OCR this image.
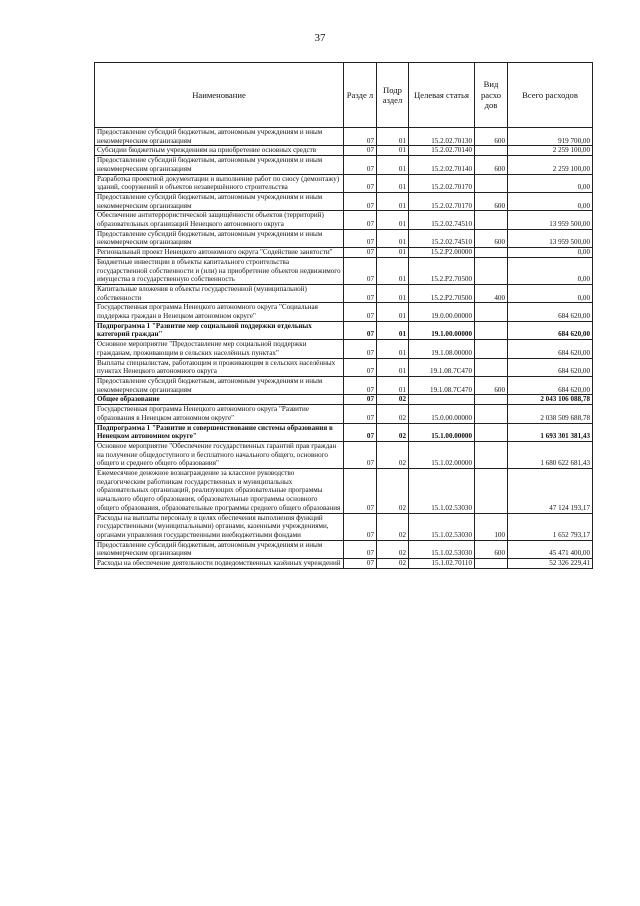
37
Наименование	Разде л	Подр аздел	Целевая статья	Вид расхо дов	Всего расходов
Предоставление субсидий бюджетным, автономным учреждениям и иным некоммерческим организациям	07	01	15.2.02.70130	600	919 700,00
Субсидии бюджетным учреждениям на приобретение основных средств	07	01	15.2.02.70140		2 259 100,00
Предоставление субсидий бюджетным, автономным учреждениям и иным некоммерческим организациям	07	01	15.2.02.70140	600	2 259 100,00
Разработка проектной документации и выполнение работ по сносу (демонтажу) зданий, сооружений и объектов незавершённого строительства	07	01	15.2.02.70170		0,00
Предоставление субсидий бюджетным, автономным учреждениям и иным некоммерческим организациям	07	01	15.2.02.70170	600	0,00
Обеспечение антитеррористической защищённости объектов (территорий) образовательных организаций Ненецкого автономного округа	07	01	15.2.02.74510		13 959 500,00
Предоставление субсидий бюджетным, автономным учреждениям и иным некоммерческим организациям	07	01	15.2.02.74510	600	13 959 500,00
Региональный проект Ненецкого автономного округа "Содействие занятости"	07	01	15.2.P2.00000		0,00
Бюджетные инвестиции в объекты капитального строительства государственной собственности и (или) на приобретение объектов недвижимого имущества в государственную собственность	07	01	15.2.P2.70500		0,00
Капитальные вложения в объекты государственной (муниципальной) собственности	07	01	15.2.P2.70500	400	0,00
Государственная программа Ненецкого автономного округа "Социальная поддержка граждан в Ненецком автономном округе"	07	01	19.0.00.00000		684 620,00
Подпрограмма 1 "Развитие мер социальной поддержки отдельных категорий граждан"	07	01	19.1.00.00000		684 620,00
Основное мероприятие "Предоставление мер социальной поддержки гражданам, проживающим в сельских населённых пунктах"	07	01	19.1.08.00000		684 620,00
Выплаты специалистам, работающим и проживающим в сельских населённых пунктах Ненецкого автономного округа	07	01	19.1.08.7С470		684 620,00
Предоставление субсидий бюджетным, автономным учреждениям и иным некоммерческим организациям	07	01	19.1.08.7С470	600	684 620,00
Общее образование	07	02			2 043 106 088,78
Государственная программа Ненецкого автономного округа "Развитие образования в Ненецком автономном округе"	07	02	15.0.00.00000		2 038 509 688,78
Подпрограмма 1 "Развитие и совершенствование системы образования в Ненецком автономном округе"	07	02	15.1.00.00000		1 693 301 381,43
Основное мероприятие "Обеспечение государственных гарантий прав граждан на получение общедоступного и бесплатного начального общего, основного общего и среднего общего образования"	07	02	15.1.02.00000		1 680 622 681,43
Ежемесячное денежное вознаграждение за классное руководство педагогическим работникам государственных и муниципальных образовательных организаций, реализующих образовательные программы начального общего образования, образовательные программы основного общего образования, образовательные программы среднего общего образования	07	02	15.1.02.53030		47 124 193,17
Расходы на выплаты персоналу в целях обеспечения выполнения функций государственными (муниципальными) органами, казенными учреждениями, органами управления государственными внебюджетными фондами	07	02	15.1.02.53030	100	1 652 793,17
Предоставление субсидий бюджетным, автономным учреждениям и иным некоммерческим организациям	07	02	15.1.02.53030	600	45 471 400,00
Расходы на обеспечение деятельности подведомственных казённых учреждений	07	02	15.1.02.70110		52 326 229,41
